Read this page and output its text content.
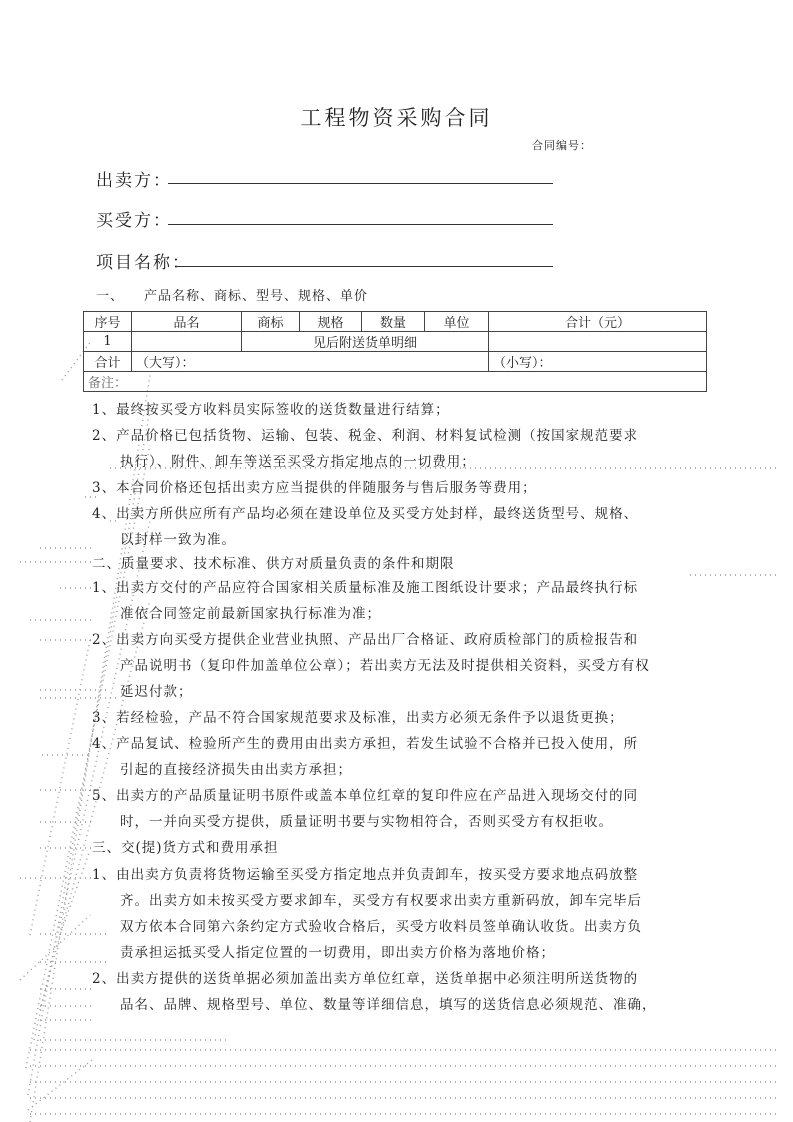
工程物资采购合同
合同编号：
出卖方：
买受方：
项目名称：
一、 产品名称、商标、型号、规格、单价
序号	品名	商标	规格	数量	单位	合计（元）
1		见后附送货单明细				
合计	（大写）：					（小写）：
备注：						
1、最终按买受方收料员实际签收的送货数量进行结算；
2、产品价格已包括货物、运输、包装、税金、利润、材料复试检测（按国家规范要求
执行）、附件、卸车等送至买受方指定地点的一切费用；
3、本合同价格还包括出卖方应当提供的伴随服务与售后服务等费用；
4、出卖方所供应所有产品均必须在建设单位及买受方处封样，最终送货型号、规格、
以封样一致为准。
二、质量要求、技术标准、供方对质量负责的条件和期限
1、出卖方交付的产品应符合国家相关质量标准及施工图纸设计要求；产品最终执行标
准依合同签定前最新国家执行标准为准；
2、出卖方向买受方提供企业营业执照、产品出厂合格证、政府质检部门的质检报告和
产品说明书（复印件加盖单位公章）；若出卖方无法及时提供相关资料，买受方有权
延迟付款；
3、若经检验，产品不符合国家规范要求及标准，出卖方必须无条件予以退货更换；
4、产品复试、检验所产生的费用由出卖方承担，若发生试验不合格并已投入使用，所
引起的直接经济损失由出卖方承担；
5、出卖方的产品质量证明书原件或盖本单位红章的复印件应在产品进入现场交付的同
时，一并向买受方提供，质量证明书要与实物相符合，否则买受方有权拒收。
三、交(提)货方式和费用承担
1、由出卖方负责将货物运输至买受方指定地点并负责卸车，按买受方要求地点码放整
齐。出卖方如未按买受方要求卸车，买受方有权要求出卖方重新码放，卸车完毕后
双方依本合同第六条约定方式验收合格后，买受方收料员签单确认收货。出卖方负
责承担运抵买受人指定位置的一切费用，即出卖方价格为落地价格；
2、出卖方提供的送货单据必须加盖出卖方单位红章，送货单据中必须注明所送货物的
品名、品牌、规格型号、单位、数量等详细信息，填写的送货信息必须规范、准确，
